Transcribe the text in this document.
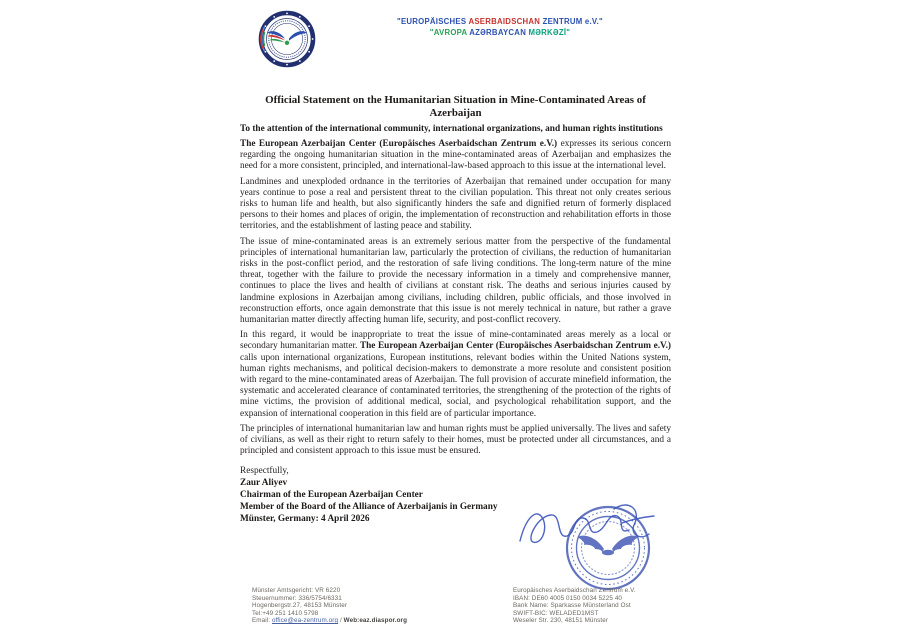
"EUROPÄISCHES ASERBAIDSCHAN ZENTRUM e.V."
"AVROPA AZƏRBAYCAN MƏRKƏZİ"
Official Statement on the Humanitarian Situation in Mine-Contaminated Areas of Azerbaijan
To the attention of the international community, international organizations, and human rights institutions

The European Azerbaijan Center (Europäisches Aserbaidschan Zentrum e.V.) expresses its serious concern regarding the ongoing humanitarian situation in the mine-contaminated areas of Azerbaijan and emphasizes the need for a more consistent, principled, and international-law-based approach to this issue at the international level.

Landmines and unexploded ordnance in the territories of Azerbaijan that remained under occupation for many years continue to pose a real and persistent threat to the civilian population. This threat not only creates serious risks to human life and health, but also significantly hinders the safe and dignified return of formerly displaced persons to their homes and places of origin, the implementation of reconstruction and rehabilitation efforts in those territories, and the establishment of lasting peace and stability.

The issue of mine-contaminated areas is an extremely serious matter from the perspective of the fundamental principles of international humanitarian law, particularly the protection of civilians, the reduction of humanitarian risks in the post-conflict period, and the restoration of safe living conditions. The long-term nature of the mine threat, together with the failure to provide the necessary information in a timely and comprehensive manner, continues to place the lives and health of civilians at constant risk. The deaths and serious injuries caused by landmine explosions in Azerbaijan among civilians, including children, public officials, and those involved in reconstruction efforts, once again demonstrate that this issue is not merely technical in nature, but rather a grave humanitarian matter directly affecting human life, security, and post-conflict recovery.

In this regard, it would be inappropriate to treat the issue of mine-contaminated areas merely as a local or secondary humanitarian matter. The European Azerbaijan Center (Europäisches Aserbaidschan Zentrum e.V.) calls upon international organizations, European institutions, relevant bodies within the United Nations system, human rights mechanisms, and political decision-makers to demonstrate a more resolute and consistent position with regard to the mine-contaminated areas of Azerbaijan. The full provision of accurate minefield information, the systematic and accelerated clearance of contaminated territories, the strengthening of the protection of the rights of mine victims, the provision of additional medical, social, and psychological rehabilitation support, and the expansion of international cooperation in this field are of particular importance.

The principles of international humanitarian law and human rights must be applied universally. The lives and safety of civilians, as well as their right to return safely to their homes, must be protected under all circumstances, and a principled and consistent approach to this issue must be ensured.

Respectfully,
Zaur Aliyev
Chairman of the European Azerbaijan Center
Member of the Board of the Alliance of Azerbaijanis in Germany
Münster, Germany: 4 April 2026
Münster Amtsgericht: VR 6220
Steuernummer: 336/5754/6331
Hogenbergstr.27, 48153 Münster
Tel:+49 251 1410 5798
Email: office@ea-zentrum.org / Web:eaz.diaspor.org
Europäisches Aserbaidschan Zentrum e.V.
IBAN: DE60 4005 0150 0034 5225 40
Bank Name: Sparkasse Münsterland Ost
SWIFT-BIC: WELADED1MST
Weseler Str. 230, 48151 Münster
